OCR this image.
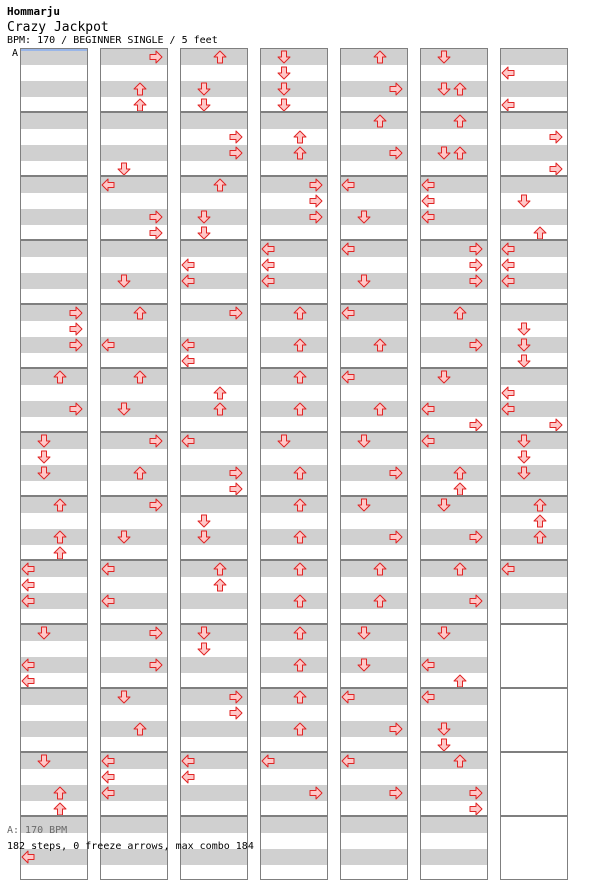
Hommarju
Crazy Jackpot
BPM: 170 / BEGINNER SINGLE / 5 feet
A
A: 170 BPM
182 steps, 0 freeze arrows, max combo 184
